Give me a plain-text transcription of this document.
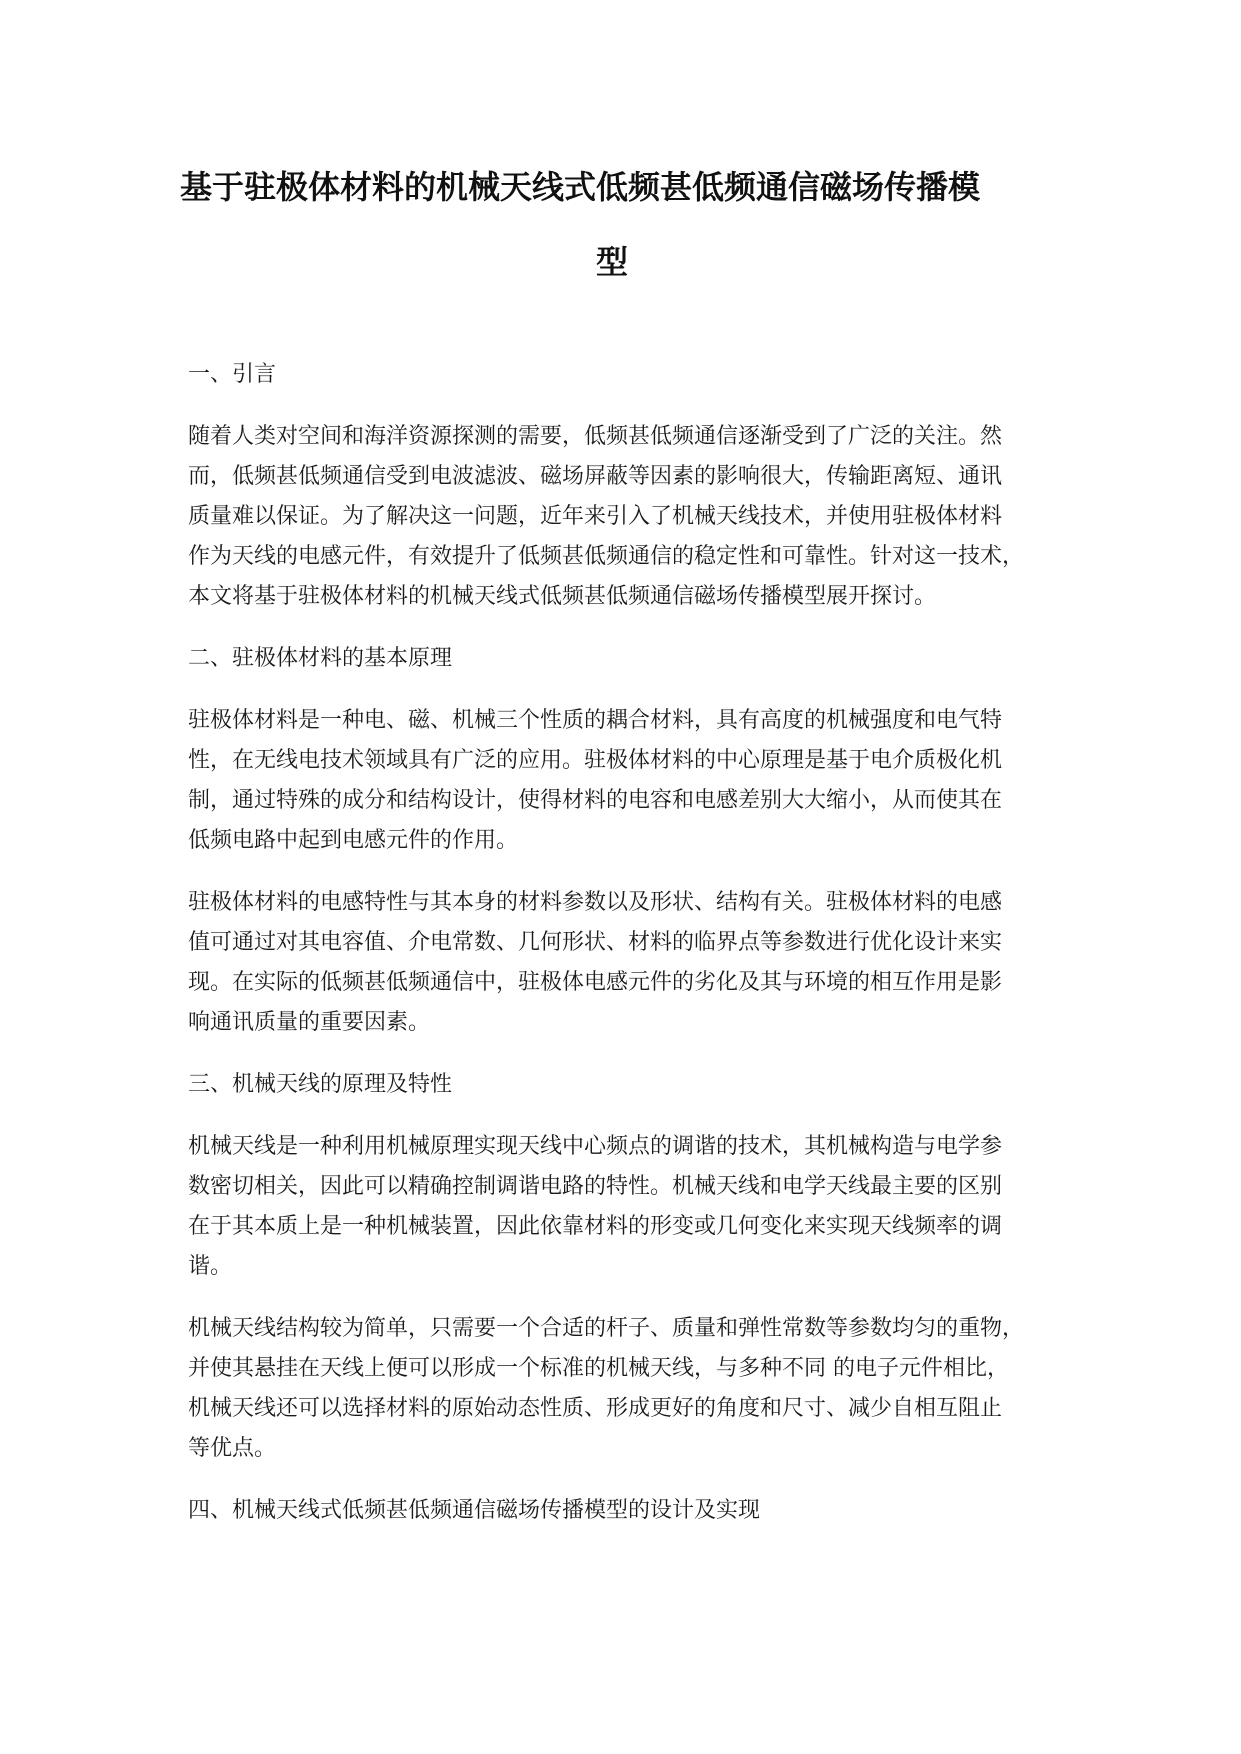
基于驻极体材料的机械天线式低频甚低频通信磁场传播模

型

一、引言

随着人类对空间和海洋资源探测的需要，低频甚低频通信逐渐受到了广泛的关注。然
而，低频甚低频通信受到电波滤波、磁场屏蔽等因素的影响很大，传输距离短、通讯
质量难以保证。为了解决这一问题，近年来引入了机械天线技术，并使用驻极体材料
作为天线的电感元件，有效提升了低频甚低频通信的稳定性和可靠性。针对这一技术，
本文将基于驻极体材料的机械天线式低频甚低频通信磁场传播模型展开探讨。

二、驻极体材料的基本原理

驻极体材料是一种电、磁、机械三个性质的耦合材料，具有高度的机械强度和电气特
性，在无线电技术领域具有广泛的应用。驻极体材料的中心原理是基于电介质极化机
制，通过特殊的成分和结构设计，使得材料的电容和电感差别大大缩小，从而使其在
低频电路中起到电感元件的作用。
驻极体材料的电感特性与其本身的材料参数以及形状、结构有关。驻极体材料的电感
值可通过对其电容值、介电常数、几何形状、材料的临界点等参数进行优化设计来实
现。在实际的低频甚低频通信中，驻极体电感元件的劣化及其与环境的相互作用是影
响通讯质量的重要因素。

三、机械天线的原理及特性

机械天线是一种利用机械原理实现天线中心频点的调谐的技术，其机械构造与电学参
数密切相关，因此可以精确控制调谐电路的特性。机械天线和电学天线最主要的区别
在于其本质上是一种机械装置，因此依靠材料的形变或几何变化来实现天线频率的调
谐。
机械天线结构较为简单，只需要一个合适的杆子、质量和弹性常数等参数均匀的重物，
并使其悬挂在天线上便可以形成一个标准的机械天线，与多种不同 的电子元件相比，
机械天线还可以选择材料的原始动态性质、形成更好的角度和尺寸、减少自相互阻止
等优点。

四、机械天线式低频甚低频通信磁场传播模型的设计及实现
